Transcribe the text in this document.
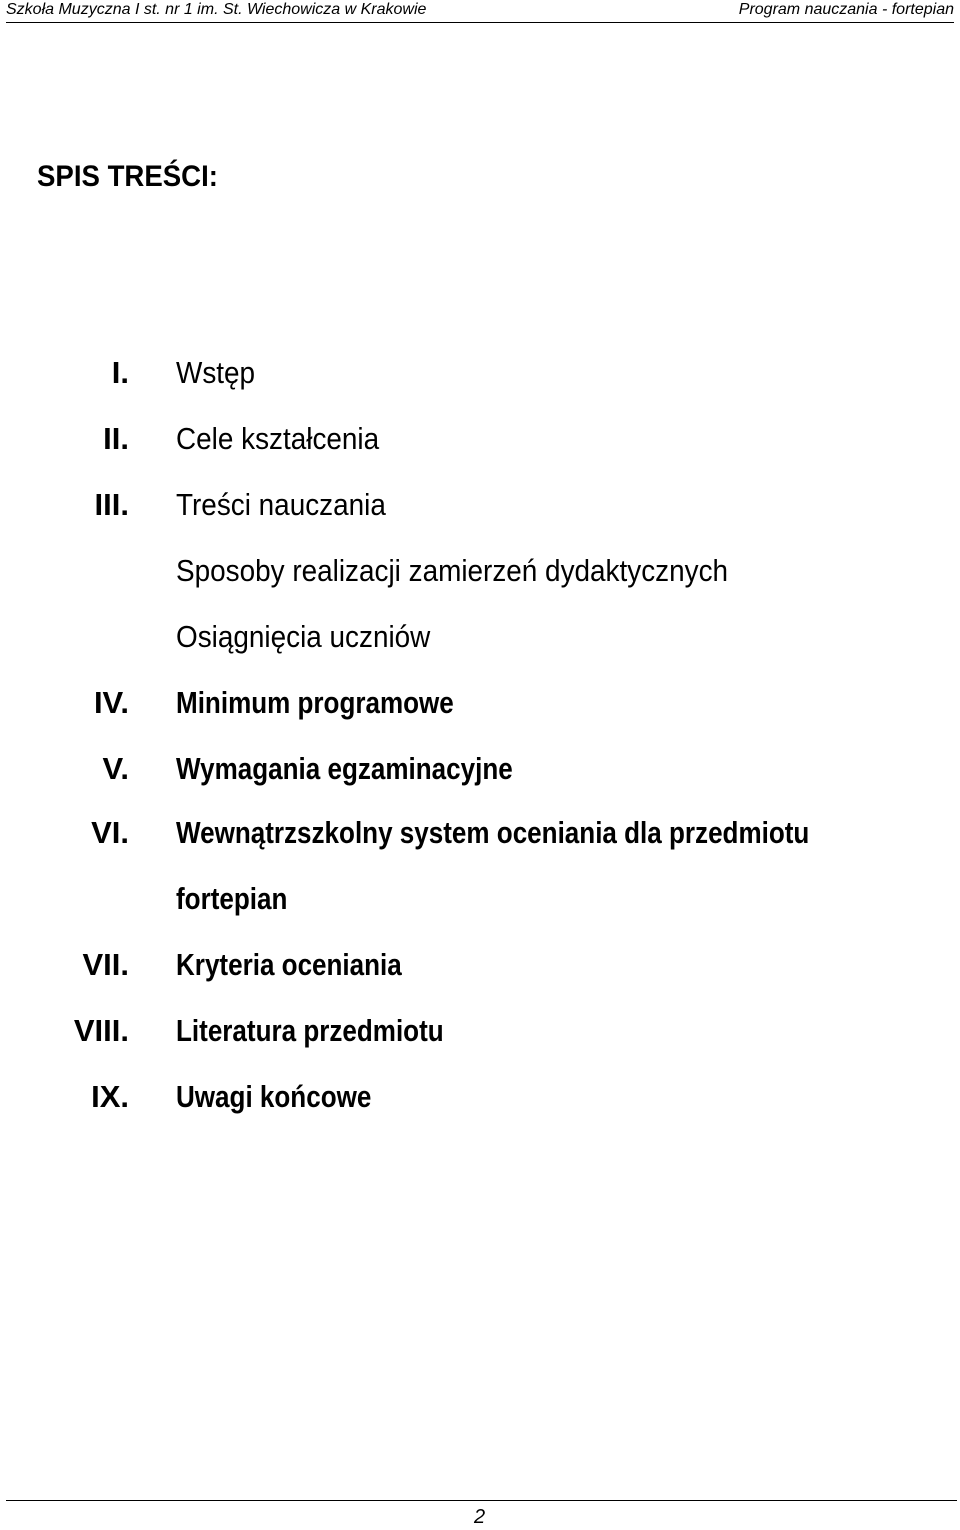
Szkoła Muzyczna I st. nr 1 im. St. Wiechowicza w Krakowie	Program nauczania - fortepian
SPIS TREŚCI:
I. Wstęp
II. Cele kształcenia
III. Treści nauczania
Sposoby realizacji zamierzeń dydaktycznych
Osiągnięcia uczniów
IV. Minimum programowe
V. Wymagania egzaminacyjne
VI. Wewnątrzszkolny system oceniania dla przedmiotu
fortepian
VII. Kryteria oceniania
VIII. Literatura przedmiotu
IX. Uwagi końcowe
2
